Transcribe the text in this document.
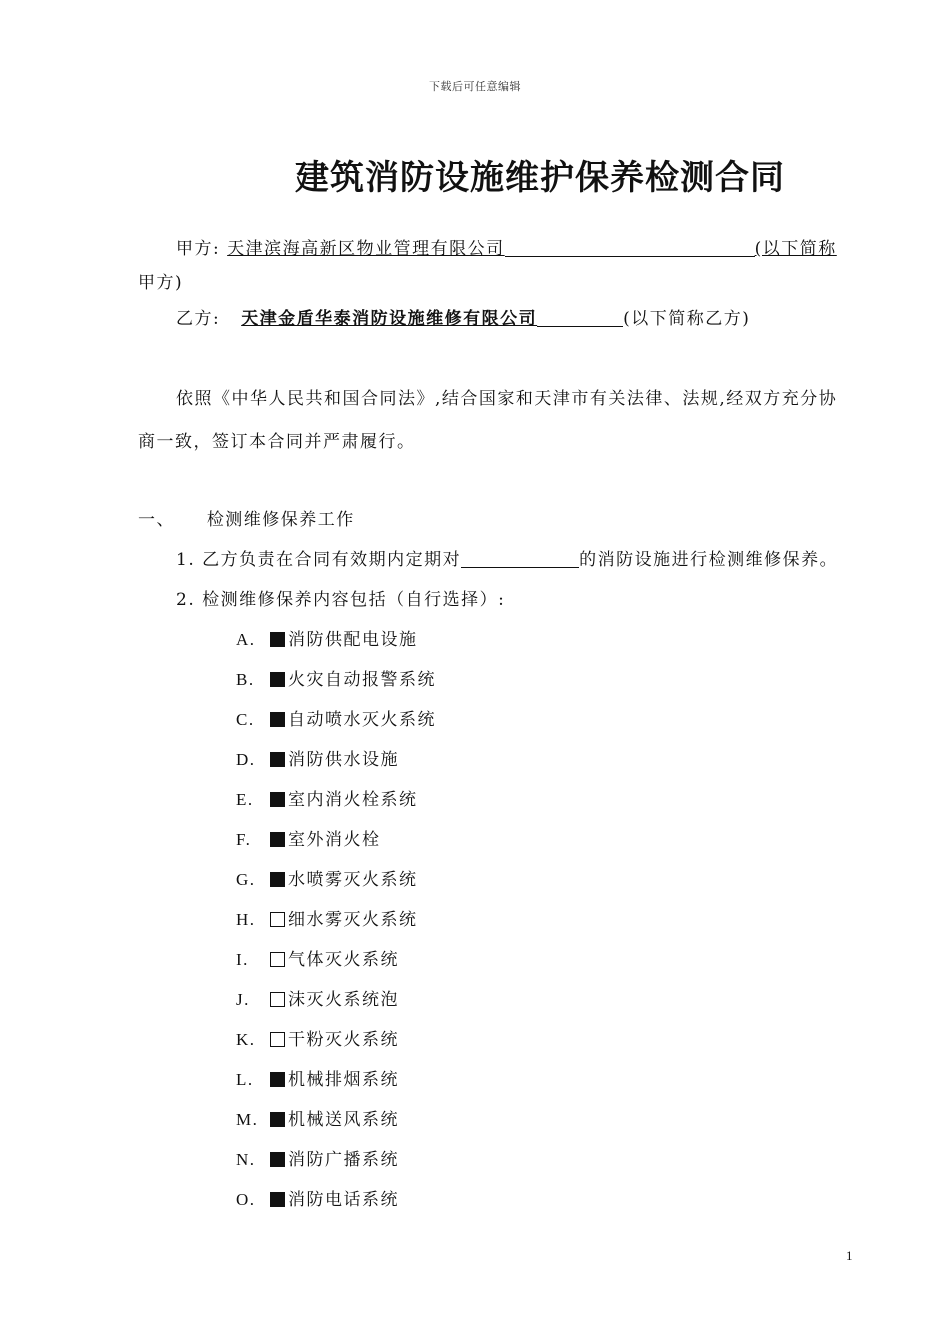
下载后可任意编辑
建筑消防设施维护保养检测合同
甲方: 天津滨海高新区物业管理有限公司	(以下简称
甲方)
乙方: 天津金盾华泰消防设施维修有限公司	(以下简称乙方)
依照《中华人民共和国合同法》,结合国家和天津市有关法律、法规,经双方充分协
商一致，签订本合同并严肃履行。
一、 检测维修保养工作
1. 乙方负责在合同有效期内定期对	的消防设施进行检测维修保养。
2. 检测维修保养内容包括（自行选择）:
A. 消防供配电设施
B. 火灾自动报警系统
C. 自动喷水灭火系统
D. 消防供水设施
E. 室内消火栓系统
F. 室外消火栓
G. 水喷雾灭火系统
H. 细水雾灭火系统
I. 气体灭火系统
J. 沫灭火系统泡
K. 干粉灭火系统
L. 机械排烟系统
M. 机械送风系统
N. 消防广播系统
O. 消防电话系统
1
